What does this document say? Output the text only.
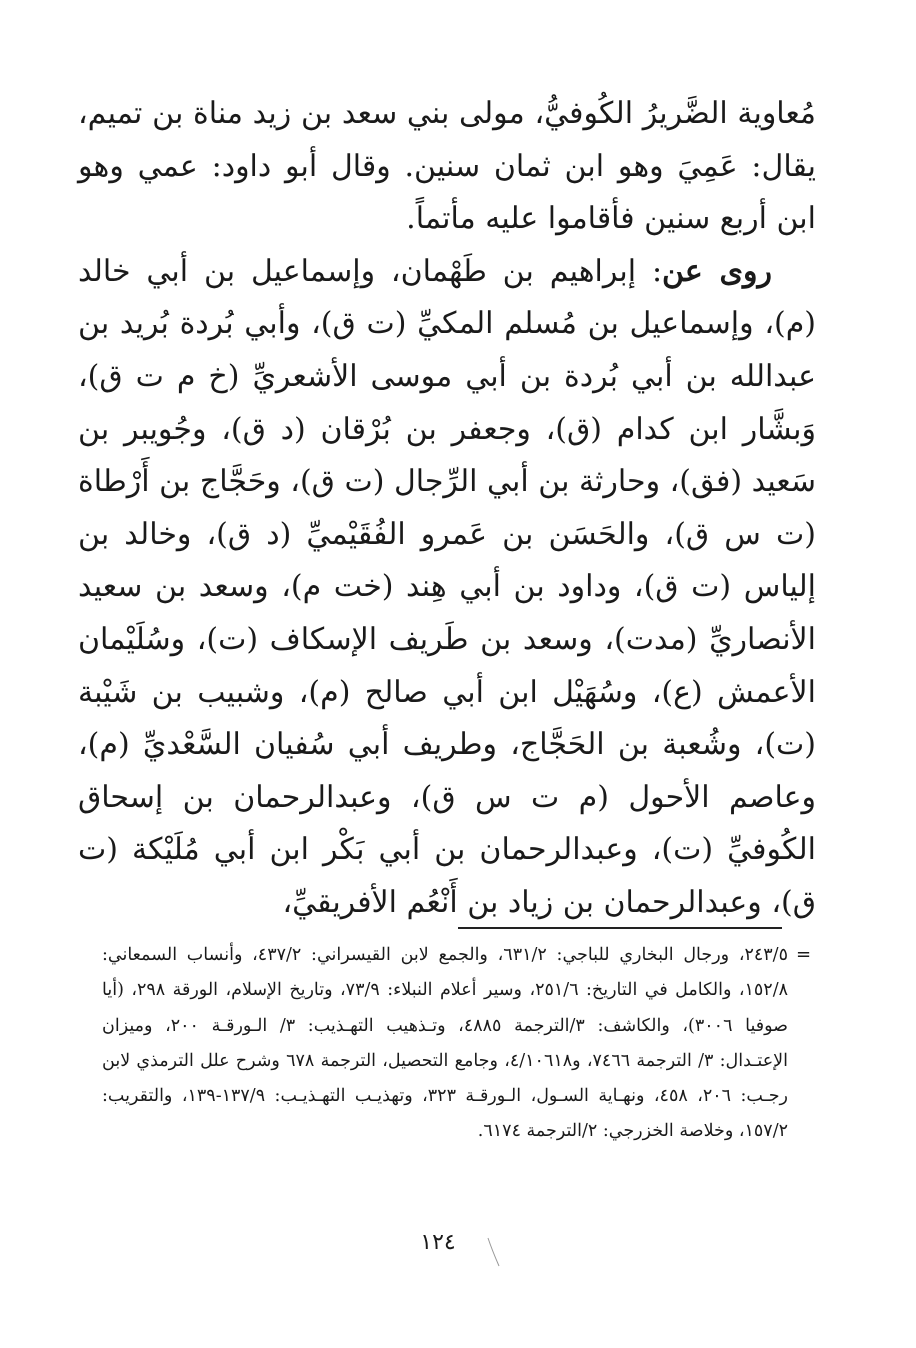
مُعاوية الضَّريرُ الكُوفيُّ، مولى بني سعد بن زيد مناة بن تميم، يقال: عَمِيَ وهو ابن ثمان سنين. وقال أبو داود: عمي وهو ابن أربع سنين فأقاموا عليه مأتماً.

روى عن: إبراهيم بن طَهْمان، وإسماعيل بن أبي خالد (م)، وإسماعيل بن مُسلم المكيِّ (ت ق)، وأبي بُردة بُريد بن عبدالله بن أبي بُردة بن أبي موسى الأشعريِّ (خ م ت ق)، وَبشَّار ابن كدام (ق)، وجعفر بن بُرْقان (د ق)، وجُويبر بن سَعيد (فق)، وحارثة بن أبي الرِّجال (ت ق)، وحَجَّاج بن أَرْطاة (ت س ق)، والحَسَن بن عَمرو الفُقَيْميِّ (د ق)، وخالد بن إلياس (ت ق)، وداود بن أبي هِند (خت م)، وسعد بن سعيد الأنصاريِّ (مدت)، وسعد بن طَريف الإسكاف (ت)، وسُلَيْمان الأعمش (ع)، وسُهَيْل ابن أبي صالح (م)، وشبيب بن شَيْبة (ت)، وشُعبة بن الحَجَّاج، وطريف أبي سُفيان السَّعْديِّ (م)، وعاصم الأحول (م ت س ق)، وعبدالرحمان بن إسحاق الكُوفيِّ (ت)، وعبدالرحمان بن أبي بَكْر ابن أبي مُلَيْكة (ت ق)، وعبدالرحمان بن زياد بن أَنْعُم الأفريقيِّ،

=

٢٤٣/٥، ورجال البخاري للباجي: ٦٣١/٢، والجمع لابن القيسراني: ٤٣٧/٢، وأنساب السمعاني: ١٥٢/٨، والكامل في التاريخ: ٢٥١/٦، وسير أعلام النبلاء: ٧٣/٩، وتاريخ الإسلام، الورقة ٢٩٨، (أيا صوفيا ٣٠٠٦)، والكاشف: ٣/الترجمة ٤٨٨٥، وتـذهيب التهـذيب: ٣/ الـورقـة ٢٠٠، وميزان الإعتـدال: ٣/ الترجمة ٧٤٦٦، و٤/١٠٦١٨، وجامع التحصيل، الترجمة ٦٧٨ وشرح علل الترمذي لابن رجـب: ٢٠٦، ٤٥٨، ونهـاية السـول، الـورقـة ٣٢٣، وتهذيـب التهـذيـب: ١٣٧/٩-١٣٩، والتقريب: ١٥٧/٢، وخلاصة الخزرجي: ٢/الترجمة ٦١٧٤.

١٢٤
